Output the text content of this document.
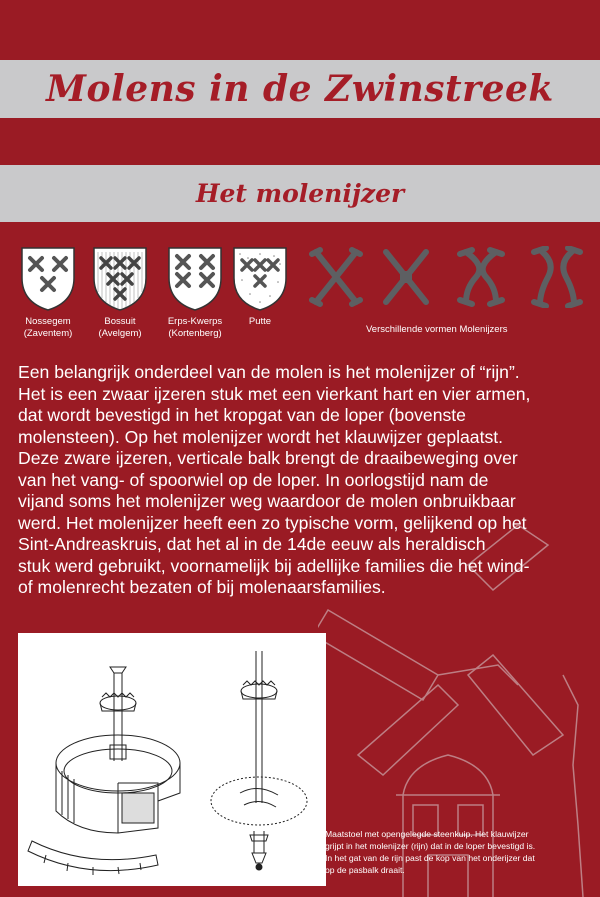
Molens in de Zwinstreek
Het molenijzer
Nossegem
(Zaventem)
Bossuit
(Avelgem)
Erps-Kwerps
(Kortenberg)
Putte
Verschillende vormen Molenijzers

Een belangrijk onderdeel van de molen is het molenijzer of “rijn”.

Het is een zwaar ijzeren stuk met een vierkant hart en vier armen,

dat wordt bevestigd in het kropgat van de loper (bovenste

molensteen). Op het molenijzer wordt het klauwijzer geplaatst.

Deze zware ijzeren, verticale balk brengt de draaibeweging over

van het vang- of spoorwiel op de loper. In oorlogstijd nam de

vijand soms het molenijzer weg waardoor de molen onbruikbaar

werd. Het molenijzer heeft een zo typische vorm, gelijkend op het

Sint-Andreaskruis, dat het al in de 14de eeuw als heraldisch

stuk werd gebruikt, voornamelijk bij adellijke families die het wind-

of molenrecht bezaten of bij molenaarsfamilies.

Maatstoel met opengelegde steenkuip. Het klauwijzer
grijpt in het molenijzer (rijn) dat in de loper bevestigd is.
In het gat van de rijn past de kop van het onderijzer dat
op de pasbalk draait.
